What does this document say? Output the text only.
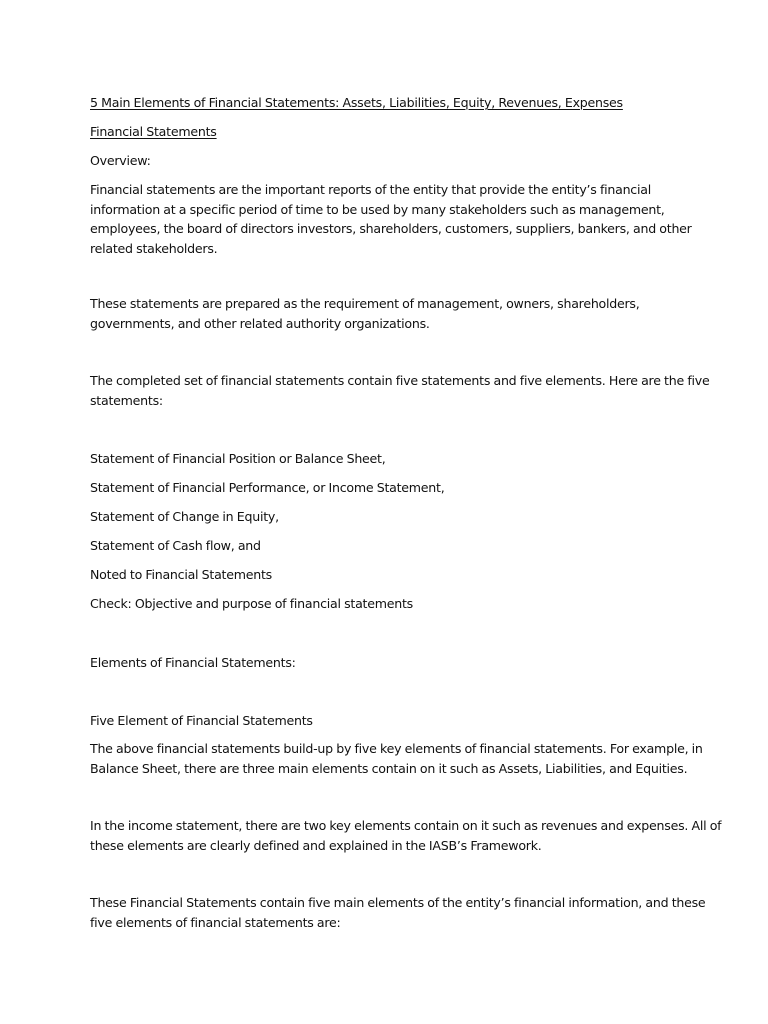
5 Main Elements of Financial Statements: Assets, Liabilities, Equity, Revenues, Expenses
Financial Statements
Overview:
Financial statements are the important reports of the entity that provide the entity’s financial
information at a specific period of time to be used by many stakeholders such as management,
employees, the board of directors investors, shareholders, customers, suppliers, bankers, and other
related stakeholders.
These statements are prepared as the requirement of management, owners, shareholders,
governments, and other related authority organizations.
The completed set of financial statements contain five statements and five elements. Here are the five
statements:
Statement of Financial Position or Balance Sheet,
Statement of Financial Performance, or Income Statement,
Statement of Change in Equity,
Statement of Cash flow, and
Noted to Financial Statements
Check: Objective and purpose of financial statements
Elements of Financial Statements:
Five Element of Financial Statements
The above financial statements build-up by five key elements of financial statements. For example, in
Balance Sheet, there are three main elements contain on it such as Assets, Liabilities, and Equities.
In the income statement, there are two key elements contain on it such as revenues and expenses. All of
these elements are clearly defined and explained in the IASB’s Framework.
These Financial Statements contain five main elements of the entity’s financial information, and these
five elements of financial statements are:
